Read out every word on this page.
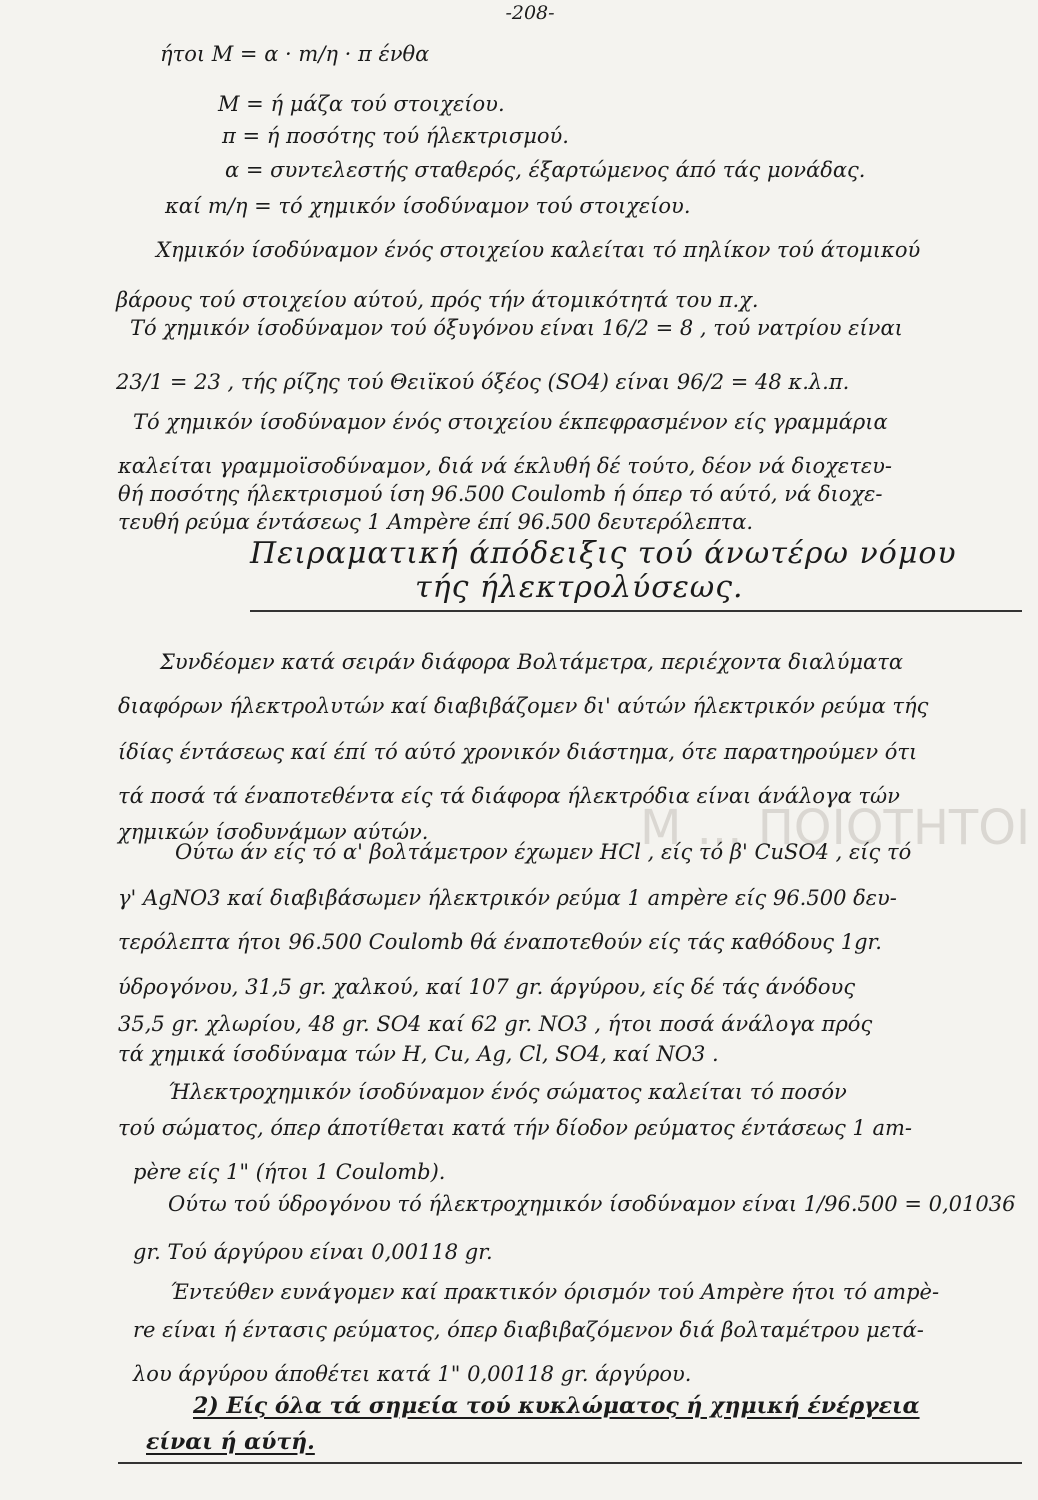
Μ ... ΠΟΙΟΤΗΤΟΙ
-208-
ήτοι M = α · m/η · π ένθα
M = ή μάζα τού στοιχείου.
π = ή ποσότης τού ήλεκτρισμού.
α = συντελεστής σταθερός, έξαρτώμενος άπό τάς μονάδας.
καί m/η = τό χημικόν ίσοδύναμον τού στοιχείου.
Χημικόν ίσοδύναμον ένός στοιχείου καλείται τό πηλίκον τού άτομικού
βάρους τού στοιχείου αύτού, πρός τήν άτομικότητά του π.χ.
Τό χημικόν ίσοδύναμον τού όξυγόνου είναι 16/2 = 8 , τού νατρίου είναι
23/1 = 23 , τής ρίζης τού Θειϊκού όξέος (SO4) είναι 96/2 = 48 κ.λ.π.
Τό χημικόν ίσοδύναμον ένός στοιχείου έκπεφρασμένον είς γραμμάρια
καλείται γραμμοϊσοδύναμον, διά νά έκλυθή δέ τούτο, δέον νά διοχετευ-
θή ποσότης ήλεκτρισμού ίση 96.500 Coulomb ή όπερ τό αύτό, νά διοχε-
τευθή ρεύμα έντάσεως 1 Ampère έπί 96.500 δευτερόλεπτα.
Πειραματική άπόδειξις τού άνωτέρω νόμου
τής ήλεκτρολύσεως.
Συνδέομεν κατά σειράν διάφορα Βολτάμετρα, περιέχοντα διαλύματα
διαφόρων ήλεκτρολυτών καί διαβιβάζομεν δι' αύτών ήλεκτρικόν ρεύμα τής
ίδίας έντάσεως καί έπί τό αύτό χρονικόν διάστημα, ότε παρατηρούμεν ότι
τά ποσά τά έναποτεθέντα είς τά διάφορα ήλεκτρόδια είναι άνάλογα τών
χημικών ίσοδυνάμων αύτών.
Ούτω άν είς τό α' βολτάμετρον έχωμεν HCl , είς τό β' CuSO4 , είς τό
γ' AgNO3 καί διαβιβάσωμεν ήλεκτρικόν ρεύμα 1 ampère είς 96.500 δευ-
τερόλεπτα ήτοι 96.500 Coulomb θά έναποτεθούν είς τάς καθόδους 1gr.
ύδρογόνου, 31,5 gr. χαλκού, καί 107 gr. άργύρου, είς δέ τάς άνόδους
35,5 gr. χλωρίου, 48 gr. SO4 καί 62 gr. NO3 , ήτοι ποσά άνάλογα πρός
τά χημικά ίσοδύναμα τών H, Cu, Ag, Cl, SO4, καί NO3 .
Ήλεκτροχημικόν ίσοδύναμον ένός σώματος καλείται τό ποσόν
τού σώματος, όπερ άποτίθεται κατά τήν δίοδον ρεύματος έντάσεως 1 am-
père είς 1" (ήτοι 1 Coulomb).
Ούτω τού ύδρογόνου τό ήλεκτροχημικόν ίσοδύναμον είναι 1/96.500 = 0,01036
gr. Τού άργύρου είναι 0,00118 gr.
Έντεύθεν ευνάγομεν καί πρακτικόν όρισμόν τού Ampère ήτοι τό ampè-
re είναι ή έντασις ρεύματος, όπερ διαβιβαζόμενον διά βολταμέτρου μετά-
λου άργύρου άποθέτει κατά 1" 0,00118 gr. άργύρου.
2) Είς όλα τά σημεία τού κυκλώματος ή χημική ένέργεια
είναι ή αύτή.
